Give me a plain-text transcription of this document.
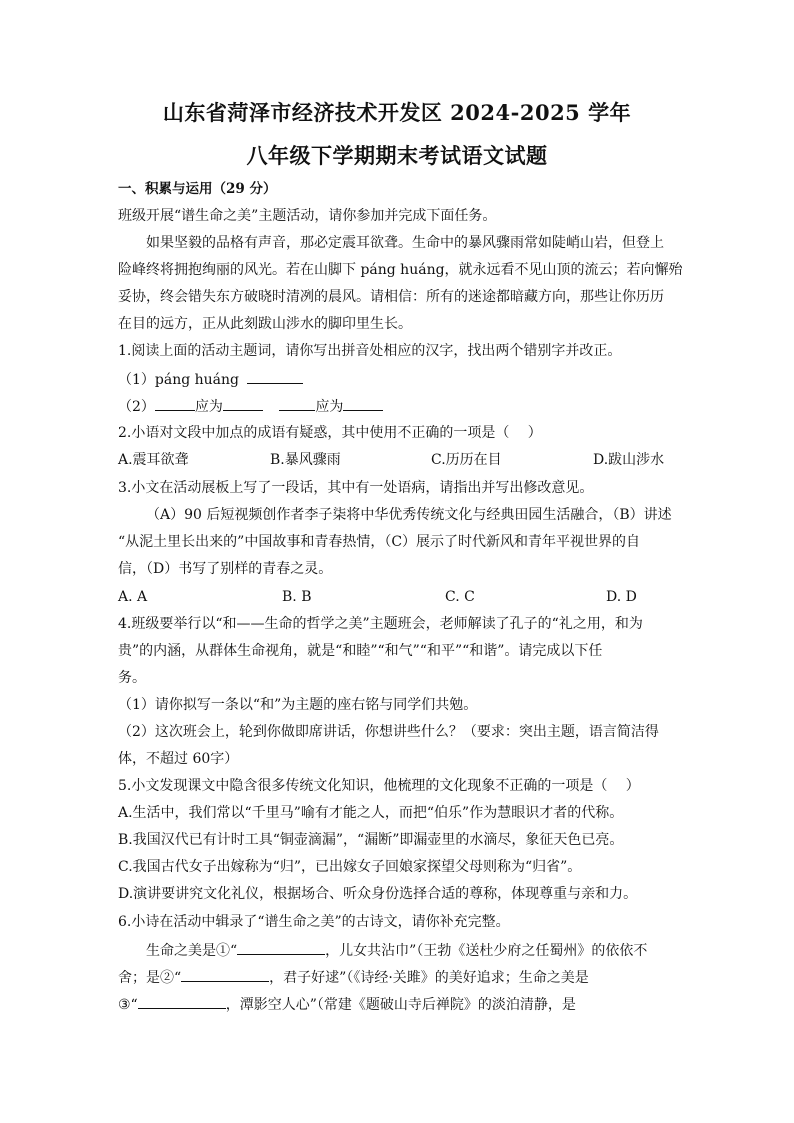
山东省菏泽市经济技术开发区 2024-2025 学年
八年级下学期期末考试语文试题
一、积累与运用（29 分）
班级开展“谱生命之美”主题活动，请你参加并完成下面任务。
如果坚毅的品格有声音，那必定震耳欲聋。生命中的暴风骤雨常如陡峭山岩，但登上
险峰终将拥抱绚丽的风光。若在山脚下 páng huáng，就永远看不见山顶的流云；若向懈殆
妥协，终会错失东方破晓时清冽的晨风。请相信：所有的迷途都暗藏方向，那些让你历历
在目的远方，正从此刻跋山涉水的脚印里生长。
1.阅读上面的活动主题词，请你写出拼音处相应的汉字，找出两个错别字并改正。
（1）páng huáng
（2）	应为	应为
2.小语对文段中加点的成语有疑惑，其中使用不正确的一项是（　 ）
A.震耳欲聋	B.暴风骤雨	C.历历在目	D.跋山涉水
3.小文在活动展板上写了一段话，其中有一处语病，请指出并写出修改意见。
（A）90 后短视频创作者李子柒将中华优秀传统文化与经典田园生活融合，（B）讲述
“从泥土里长出来的”中国故事和青春热情，（C）展示了时代新风和青年平视世界的自
信，（D）书写了别样的青春之灵。
A. A	B. B	C. C	D. D
4.班级要举行以“和——生命的哲学之美”主题班会，老师解读了孔子的“礼之用，和为
贵”的内涵，从群体生命视角，就是“和睦”“和气”“和平”“和谐”。请完成以下任
务。
（1）请你拟写一条以“和”为主题的座右铭与同学们共勉。
（2）这次班会上，轮到你做即席讲话，你想讲些什么？（要求：突出主题，语言简洁得
体，不超过 60字）
5.小文发现课文中隐含很多传统文化知识，他梳理的文化现象不正确的一项是（　 ）
A.生活中，我们常以“千里马”喻有才能之人，而把“伯乐”作为慧眼识才者的代称。
B.我国汉代已有计时工具“铜壶滴漏”，“漏断”即漏壶里的水滴尽，象征天色已亮。
C.我国古代女子出嫁称为“归”，已出嫁女子回娘家探望父母则称为“归省”。
D.演讲要讲究文化礼仪，根据场合、听众身份选择合适的尊称，体现尊重与亲和力。
6.小诗在活动中辑录了“谱生命之美”的古诗文，请你补充完整。
生命之美是①“	，儿女共沾巾”（王勃《送杜少府之任蜀州》的依依不
舍；是②“	，君子好逑”（《诗经·关雎》的美好追求；生命之美是
③“	，潭影空人心”（常建《题破山寺后禅院》的淡泊清静，是
